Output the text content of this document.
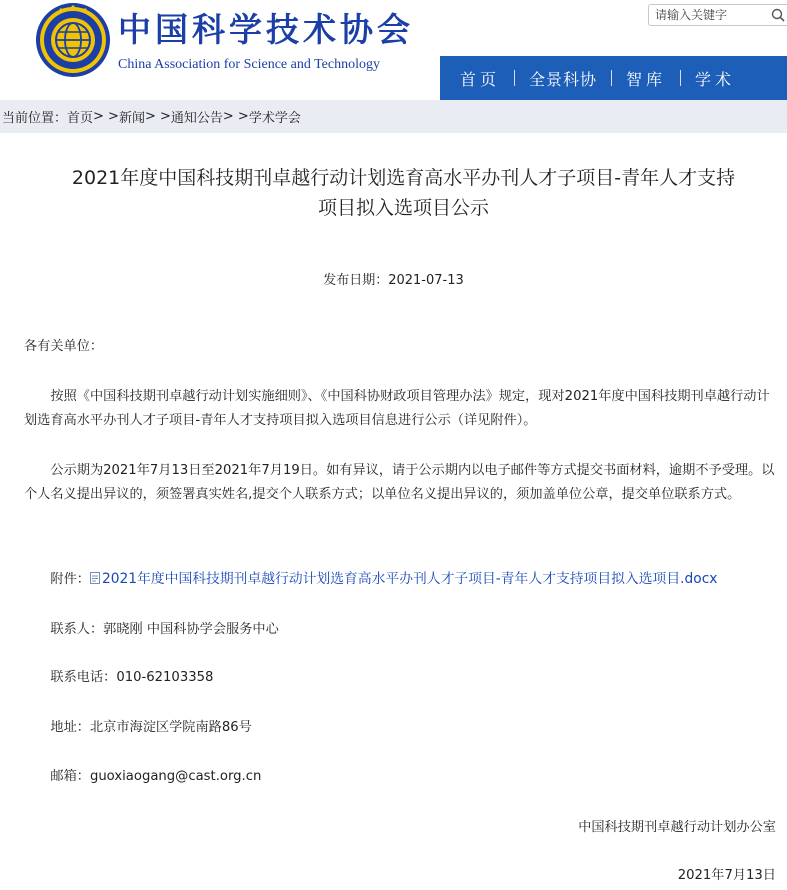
中国科学技术协会
China Association for Science and Technology
请输入关键字
首页	全景科协	智库	学术
当前位置： 首页 > > 新闻 > > 通知公告 > > 学术学会
2021年度中国科技期刊卓越行动计划选育高水平办刊人才子项目-青年人才支持
项目拟入选项目公示
发布日期：2021-07-13

各有关单位：

按照《中国科技期刊卓越行动计划实施细则》、《中国科协财政项目管理办法》规定，现对2021年度中国科技期刊卓越行动计划选育高水平办刊人才子项目-青年人才支持项目拟入选项目信息进行公示（详见附件）。

公示期为2021年7月13日至2021年7月19日。如有异议，请于公示期内以电子邮件等方式提交书面材料，逾期不予受理。以个人名义提出异议的，须签署真实姓名,提交个人联系方式；以单位名义提出异议的，须加盖单位公章，提交单位联系方式。

附件： 2021年度中国科技期刊卓越行动计划选育高水平办刊人才子项目-青年人才支持项目拟入选项目.docx

联系人：郭晓刚 中国科协学会服务中心

联系电话：010-62103358

地址：北京市海淀区学院南路86号

邮箱：guoxiaogang@cast.org.cn

中国科技期刊卓越行动计划办公室

2021年7月13日
